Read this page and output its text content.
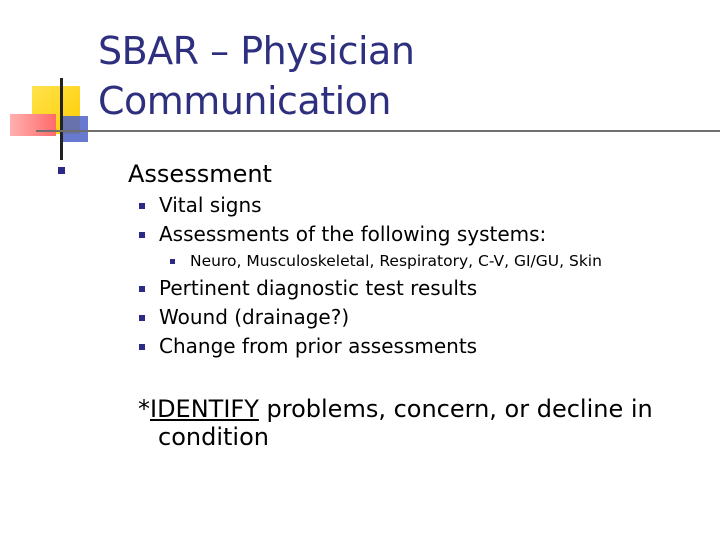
SBAR – Physician
Communication
Assessment
Vital signs
Assessments of the following systems:
Neuro, Musculoskeletal, Respiratory, C-V, GI/GU, Skin
Pertinent diagnostic test results
Wound (drainage?)
Change from prior assessments
*IDENTIFY problems, concern, or decline in
condition
